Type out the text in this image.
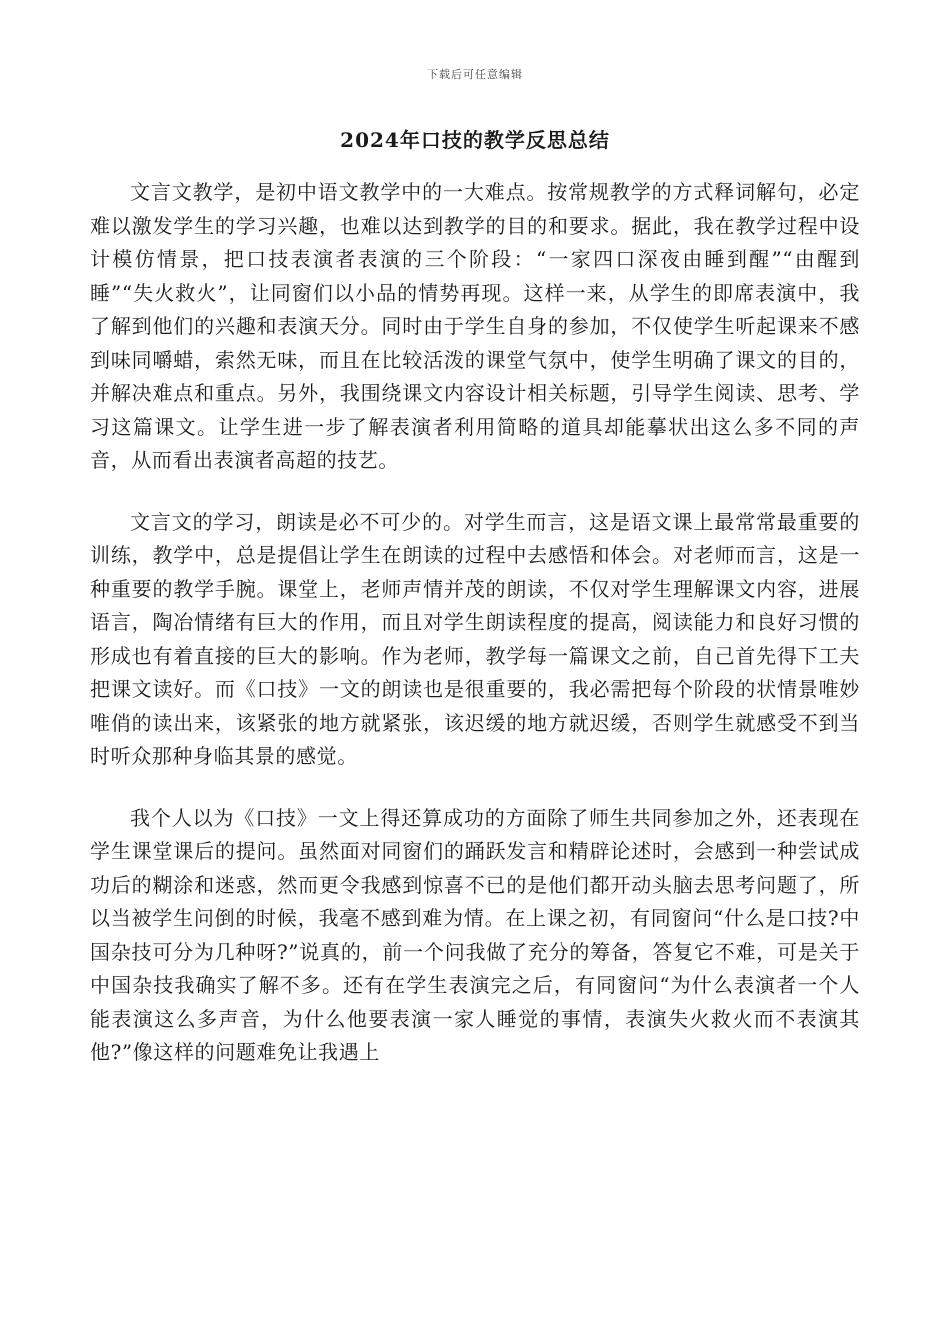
下载后可任意编辑
2024年口技的教学反思总结

文言文教学，是初中语文教学中的一大难点。按常规教学的方式释词解句，必定难以激发学生的学习兴趣，也难以达到教学的目的和要求。据此，我在教学过程中设计模仿情景，把口技表演者表演的三个阶段：“一家四口深夜由睡到醒”“由醒到睡”“失火救火”，让同窗们以小品的情势再现。这样一来，从学生的即席表演中，我了解到他们的兴趣和表演天分。同时由于学生自身的参加，不仅使学生听起课来不感到味同嚼蜡，索然无味，而且在比较活泼的课堂气氛中，使学生明确了课文的目的，并解决难点和重点。另外，我围绕课文内容设计相关标题，引导学生阅读、思考、学习这篇课文。让学生进一步了解表演者利用简略的道具却能摹状出这么多不同的声音，从而看出表演者高超的技艺。

文言文的学习，朗读是必不可少的。对学生而言，这是语文课上最常常最重要的训练，教学中，总是提倡让学生在朗读的过程中去感悟和体会。对老师而言，这是一种重要的教学手腕。课堂上，老师声情并茂的朗读，不仅对学生理解课文内容，进展语言，陶冶情绪有巨大的作用，而且对学生朗读程度的提高，阅读能力和良好习惯的形成也有着直接的巨大的影响。作为老师，教学每一篇课文之前，自己首先得下工夫把课文读好。而《口技》一文的朗读也是很重要的，我必需把每个阶段的状情景唯妙唯俏的读出来，该紧张的地方就紧张，该迟缓的地方就迟缓，否则学生就感受不到当时听众那种身临其景的感觉。

我个人以为《口技》一文上得还算成功的方面除了师生共同参加之外，还表现在学生课堂课后的提问。虽然面对同窗们的踊跃发言和精辟论述时，会感到一种尝试成功后的糊涂和迷惑，然而更令我感到惊喜不已的是他们都开动头脑去思考问题了，所以当被学生问倒的时候，我毫不感到难为情。在上课之初，有同窗问“什么是口技?中国杂技可分为几种呀?”说真的，前一个问我做了充分的筹备，答复它不难，可是关于中国杂技我确实了解不多。还有在学生表演完之后，有同窗问“为什么表演者一个人能表演这么多声音，为什么他要表演一家人睡觉的事情，表演失火救火而不表演其他?”像这样的问题难免让我遇上
